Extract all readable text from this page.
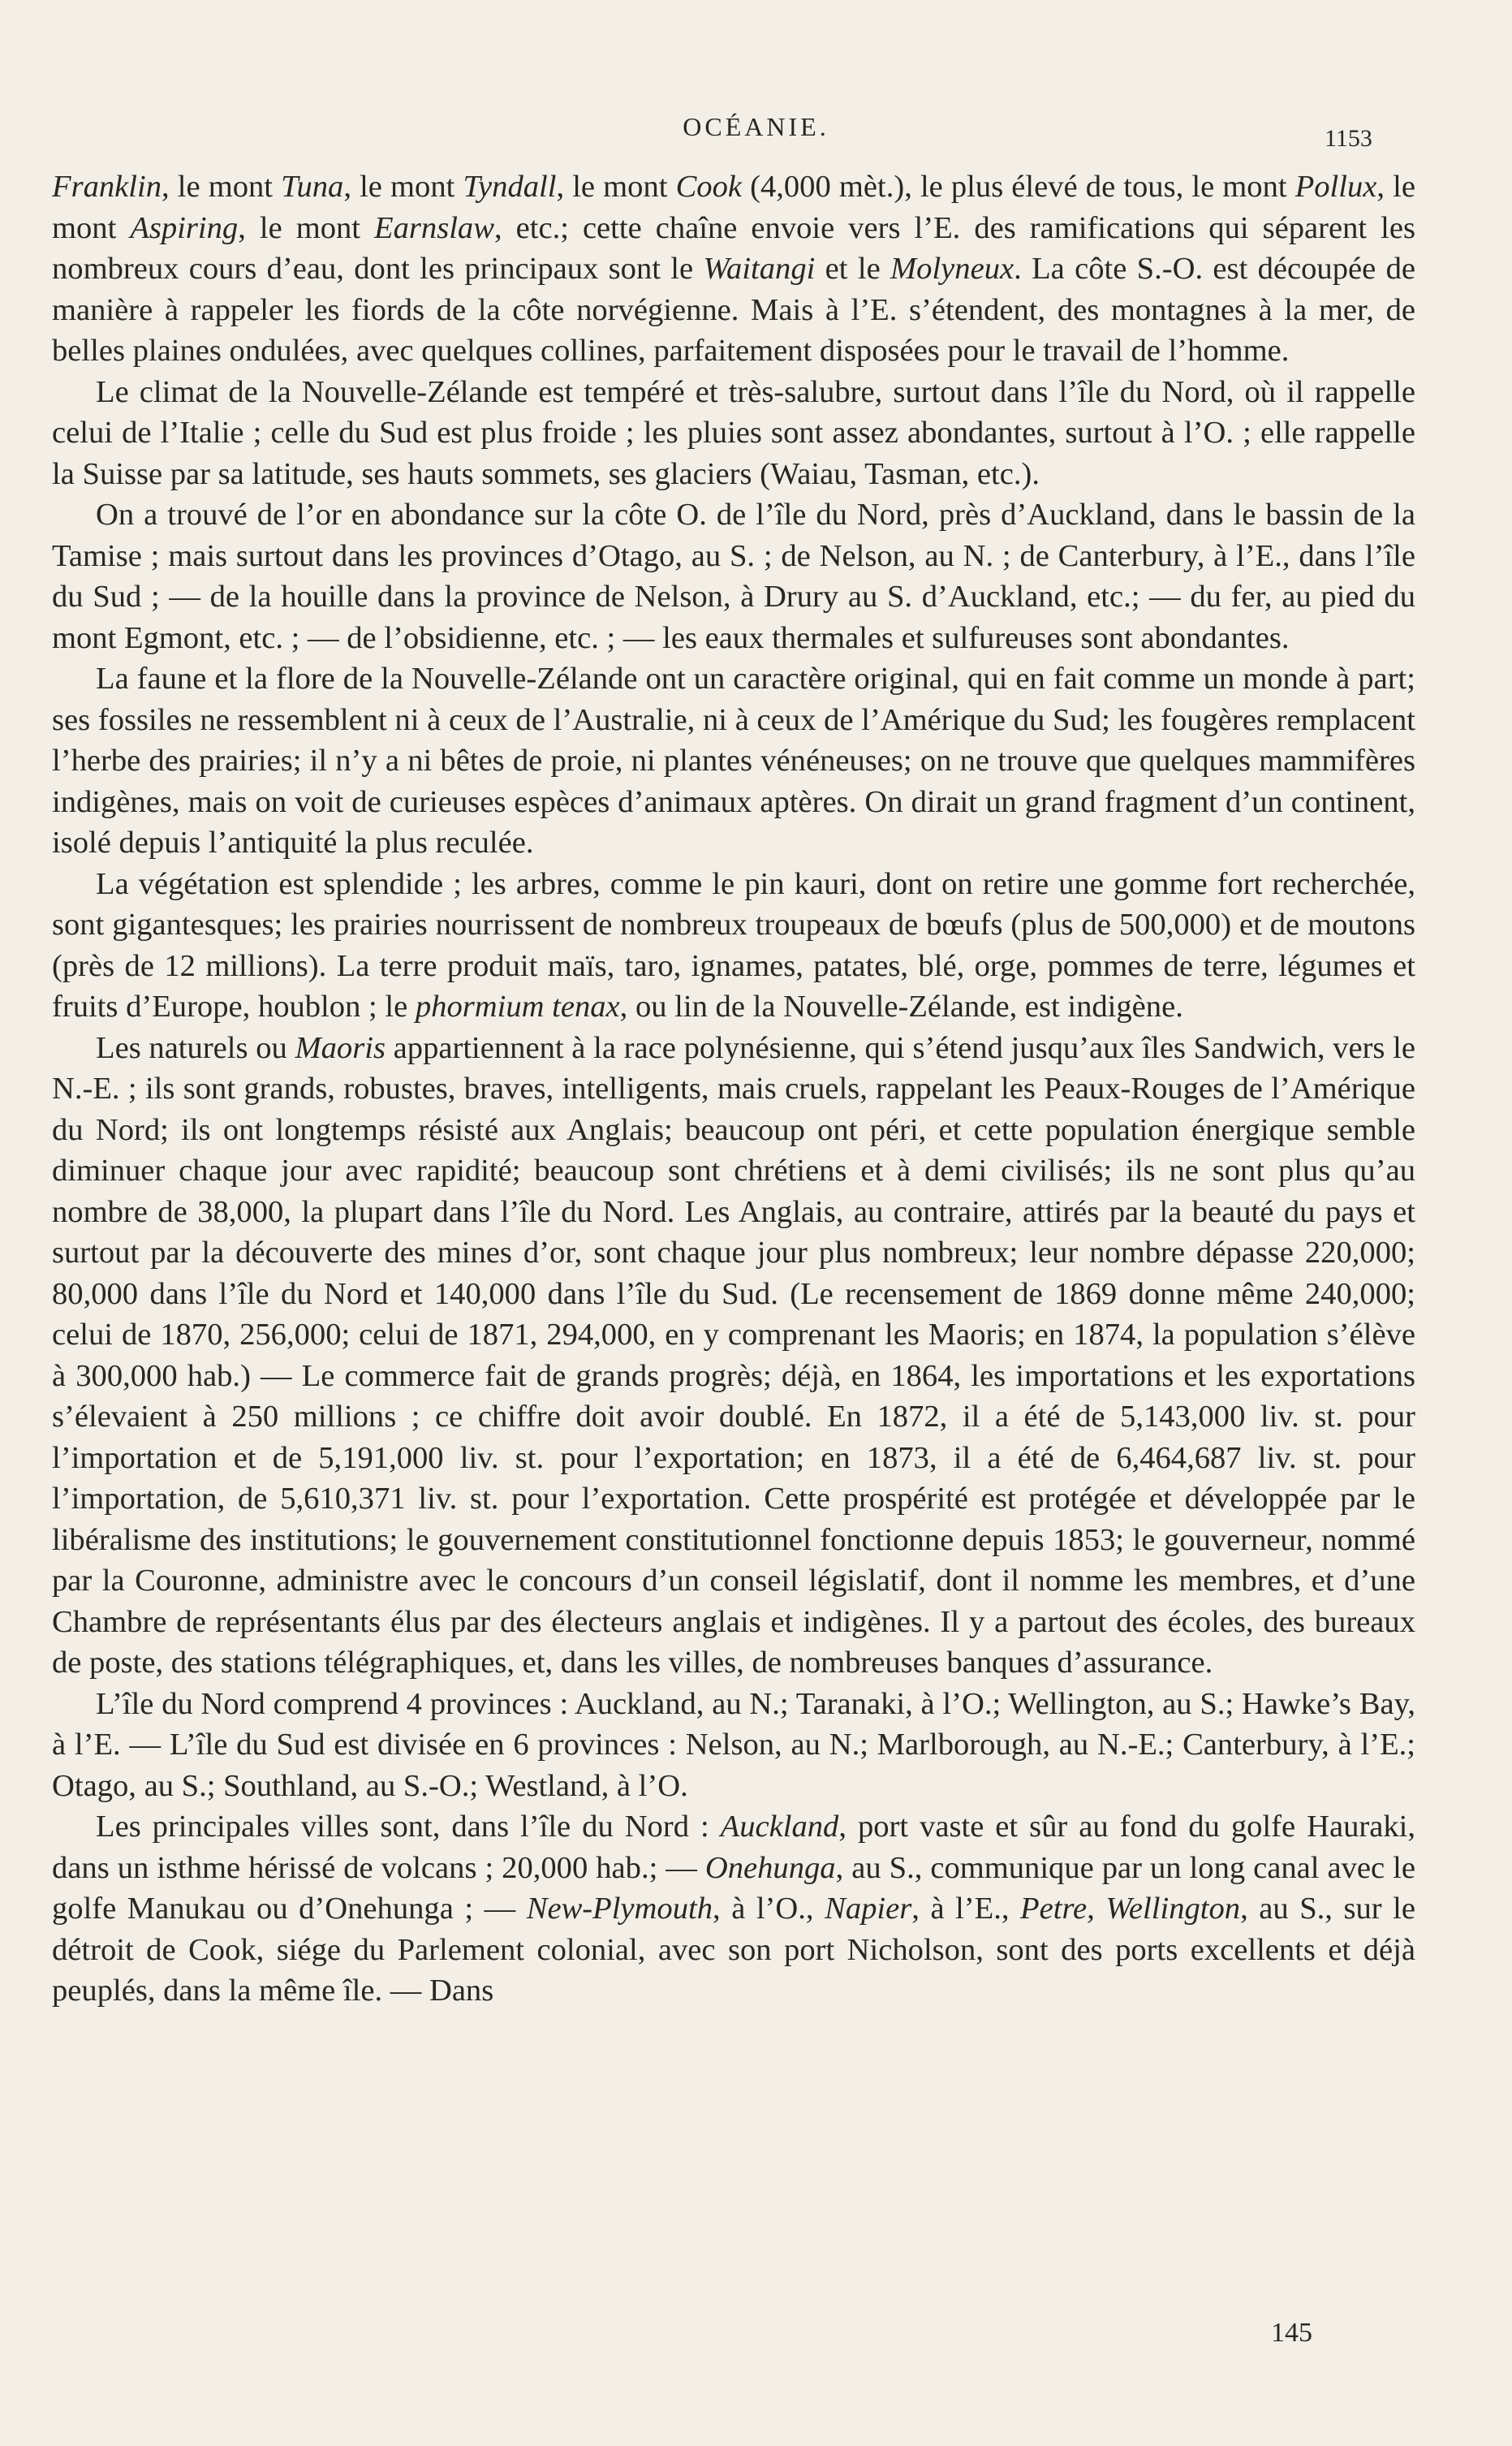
OCÉANIE.	1153

Franklin, le mont Tuna, le mont Tyndall, le mont Cook (4,000 mèt.), le plus élevé de tous, le mont Pollux, le mont Aspiring, le mont Earnslaw, etc.; cette chaîne envoie vers l’E. des ramifications qui séparent les nombreux cours d’eau, dont les principaux sont le Waitangi et le Molyneux. La côte S.-O. est découpée de manière à rappeler les fiords de la côte norvégienne. Mais à l’E. s’étendent, des montagnes à la mer, de belles plaines ondulées, avec quelques collines, parfaitement disposées pour le travail de l’homme.

Le climat de la Nouvelle-Zélande est tempéré et très-salubre, surtout dans l’île du Nord, où il rappelle celui de l’Italie ; celle du Sud est plus froide ; les pluies sont assez abondantes, surtout à l’O. ; elle rappelle la Suisse par sa latitude, ses hauts sommets, ses glaciers (Waiau, Tasman, etc.).

On a trouvé de l’or en abondance sur la côte O. de l’île du Nord, près d’Auckland, dans le bassin de la Tamise ; mais surtout dans les provinces d’Otago, au S. ; de Nelson, au N. ; de Canterbury, à l’E., dans l’île du Sud ; — de la houille dans la province de Nelson, à Drury au S. d’Auckland, etc.; — du fer, au pied du mont Egmont, etc. ; — de l’obsidienne, etc. ; — les eaux thermales et sulfureuses sont abondantes.

La faune et la flore de la Nouvelle-Zélande ont un caractère original, qui en fait comme un monde à part; ses fossiles ne ressemblent ni à ceux de l’Australie, ni à ceux de l’Amérique du Sud; les fougères remplacent l’herbe des prairies; il n’y a ni bêtes de proie, ni plantes vénéneuses; on ne trouve que quelques mammifères indigènes, mais on voit de curieuses espèces d’animaux aptères. On dirait un grand fragment d’un continent, isolé depuis l’antiquité la plus reculée.

La végétation est splendide ; les arbres, comme le pin kauri, dont on retire une gomme fort recherchée, sont gigantesques; les prairies nourrissent de nombreux troupeaux de bœufs (plus de 500,000) et de moutons (près de 12 millions). La terre produit maïs, taro, ignames, patates, blé, orge, pommes de terre, légumes et fruits d’Europe, houblon ; le phormium tenax, ou lin de la Nouvelle-Zélande, est indigène.

Les naturels ou Maoris appartiennent à la race polynésienne, qui s’étend jusqu’aux îles Sandwich, vers le N.-E. ; ils sont grands, robustes, braves, intelligents, mais cruels, rappelant les Peaux-Rouges de l’Amérique du Nord; ils ont longtemps résisté aux Anglais; beaucoup ont péri, et cette population énergique semble diminuer chaque jour avec rapidité; beaucoup sont chrétiens et à demi civilisés; ils ne sont plus qu’au nombre de 38,000, la plupart dans l’île du Nord. Les Anglais, au contraire, attirés par la beauté du pays et surtout par la découverte des mines d’or, sont chaque jour plus nombreux; leur nombre dépasse 220,000; 80,000 dans l’île du Nord et 140,000 dans l’île du Sud. (Le recensement de 1869 donne même 240,000; celui de 1870, 256,000; celui de 1871, 294,000, en y comprenant les Maoris; en 1874, la population s’élève à 300,000 hab.) — Le commerce fait de grands progrès; déjà, en 1864, les importations et les exportations s’élevaient à 250 millions ; ce chiffre doit avoir doublé. En 1872, il a été de 5,143,000 liv. st. pour l’importation et de 5,191,000 liv. st. pour l’exportation; en 1873, il a été de 6,464,687 liv. st. pour l’importation, de 5,610,371 liv. st. pour l’exportation. Cette prospérité est protégée et développée par le libéralisme des institutions; le gouvernement constitutionnel fonctionne depuis 1853; le gouverneur, nommé par la Couronne, administre avec le concours d’un conseil législatif, dont il nomme les membres, et d’une Chambre de représentants élus par des électeurs anglais et indigènes. Il y a partout des écoles, des bureaux de poste, des stations télégraphiques, et, dans les villes, de nombreuses banques d’assurance.

L’île du Nord comprend 4 provinces : Auckland, au N.; Taranaki, à l’O.; Wellington, au S.; Hawke’s Bay, à l’E. — L’île du Sud est divisée en 6 provinces : Nelson, au N.; Marlborough, au N.-E.; Canterbury, à l’E.; Otago, au S.; Southland, au S.-O.; Westland, à l’O.

Les principales villes sont, dans l’île du Nord : Auckland, port vaste et sûr au fond du golfe Hauraki, dans un isthme hérissé de volcans ; 20,000 hab.; — Onehunga, au S., communique par un long canal avec le golfe Manukau ou d’Onehunga ; — New-Plymouth, à l’O., Napier, à l’E., Petre, Wellington, au S., sur le détroit de Cook, siége du Parlement colonial, avec son port Nicholson, sont des ports excellents et déjà peuplés, dans la même île. — Dans

145
